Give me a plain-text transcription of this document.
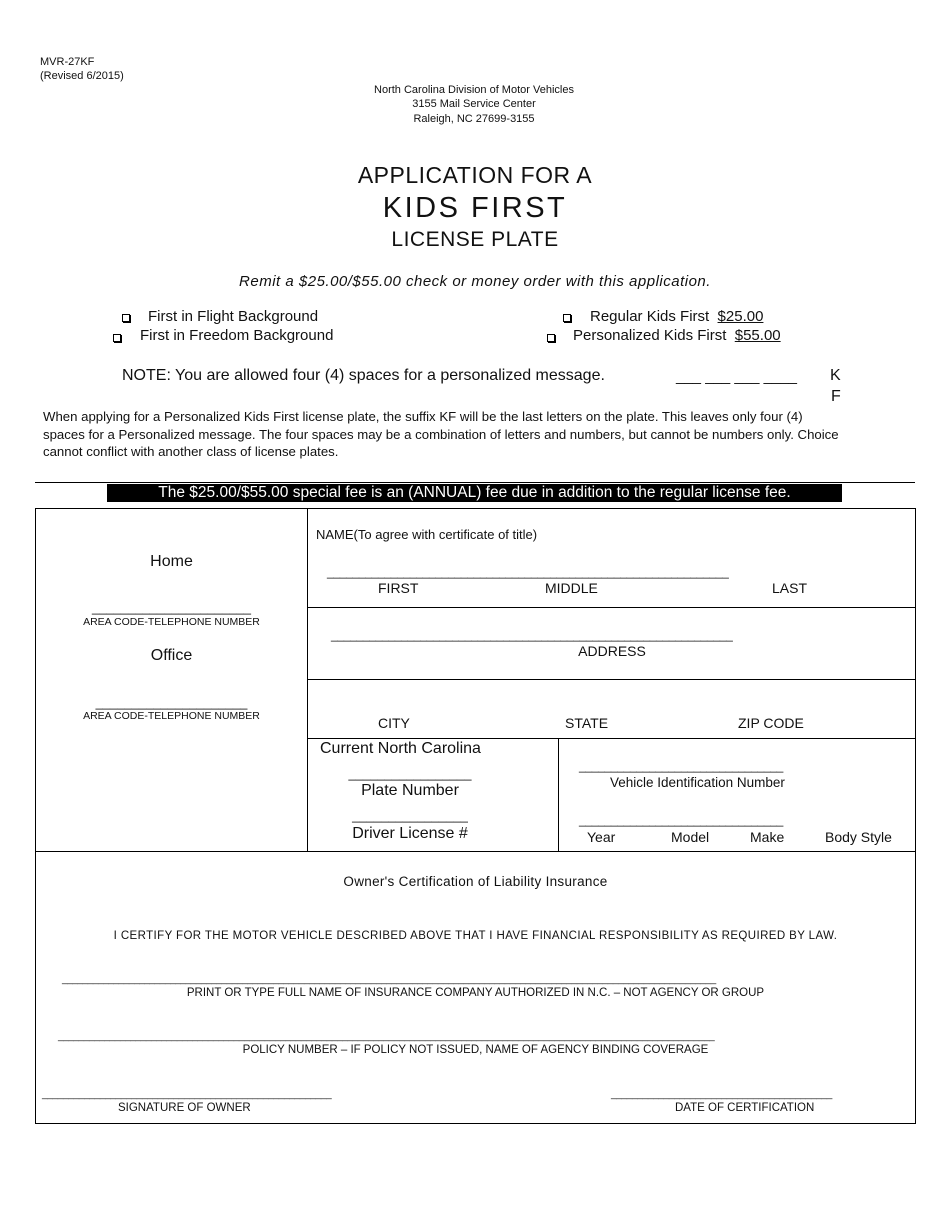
MVR-27KF
(Revised 6/2015)
North Carolina Division of Motor Vehicles
3155 Mail Service Center
Raleigh, NC 27699-3155
APPLICATION FOR A
KIDS FIRST
LICENSE PLATE
Remit a $25.00/$55.00 check or money order with this application.
First in Flight Background
First in Freedom Background
Regular Kids First $25.00
Personalized Kids First $55.00
NOTE: You are allowed four (4) spaces for a personalized message.	___ ___ ___ ____ K
F
When applying for a Personalized Kids First license plate, the suffix KF will be the last letters on the plate. This leaves only four (4)
spaces for a Personalized message. The four spaces may be a combination of letters and numbers, but cannot be numbers only. Choice
cannot conflict with another class of license plates.
The $25.00/$55.00 special fee is an (ANNUAL) fee due in addition to the regular license fee.
Home
______________________
AREA CODE-TELEPHONE NUMBER
Office
_____________________
AREA CODE-TELEPHONE NUMBER
NAME(To agree with certificate of title)
_______________________________________________________________
FIRST	MIDDLE	LAST
_______________________________________________________________
ADDRESS
CITY	STATE	ZIP CODE
Current North Carolina
_________________
Plate Number
________________
Driver License #
________________________________
Vehicle Identification Number
________________________________
Year	Model	Make	Body Style
Owner's Certification of Liability Insurance
I CERTIFY FOR THE MOTOR VEHICLE DESCRIBED ABOVE THAT I HAVE FINANCIAL RESPONSIBILITY AS REQUIRED BY LAW.
_______________________________________________________________________________________________________________________________
PRINT OR TYPE FULL NAME OF INSURANCE COMPANY AUTHORIZED IN N.C. – NOT AGENCY OR GROUP
_______________________________________________________________________________________________________________________________
POLICY NUMBER – IF POLICY NOT ISSUED, NAME OF AGENCY BINDING COVERAGE
_______________________________________________________
SIGNATURE OF OWNER
__________________________________________
DATE OF CERTIFICATION
